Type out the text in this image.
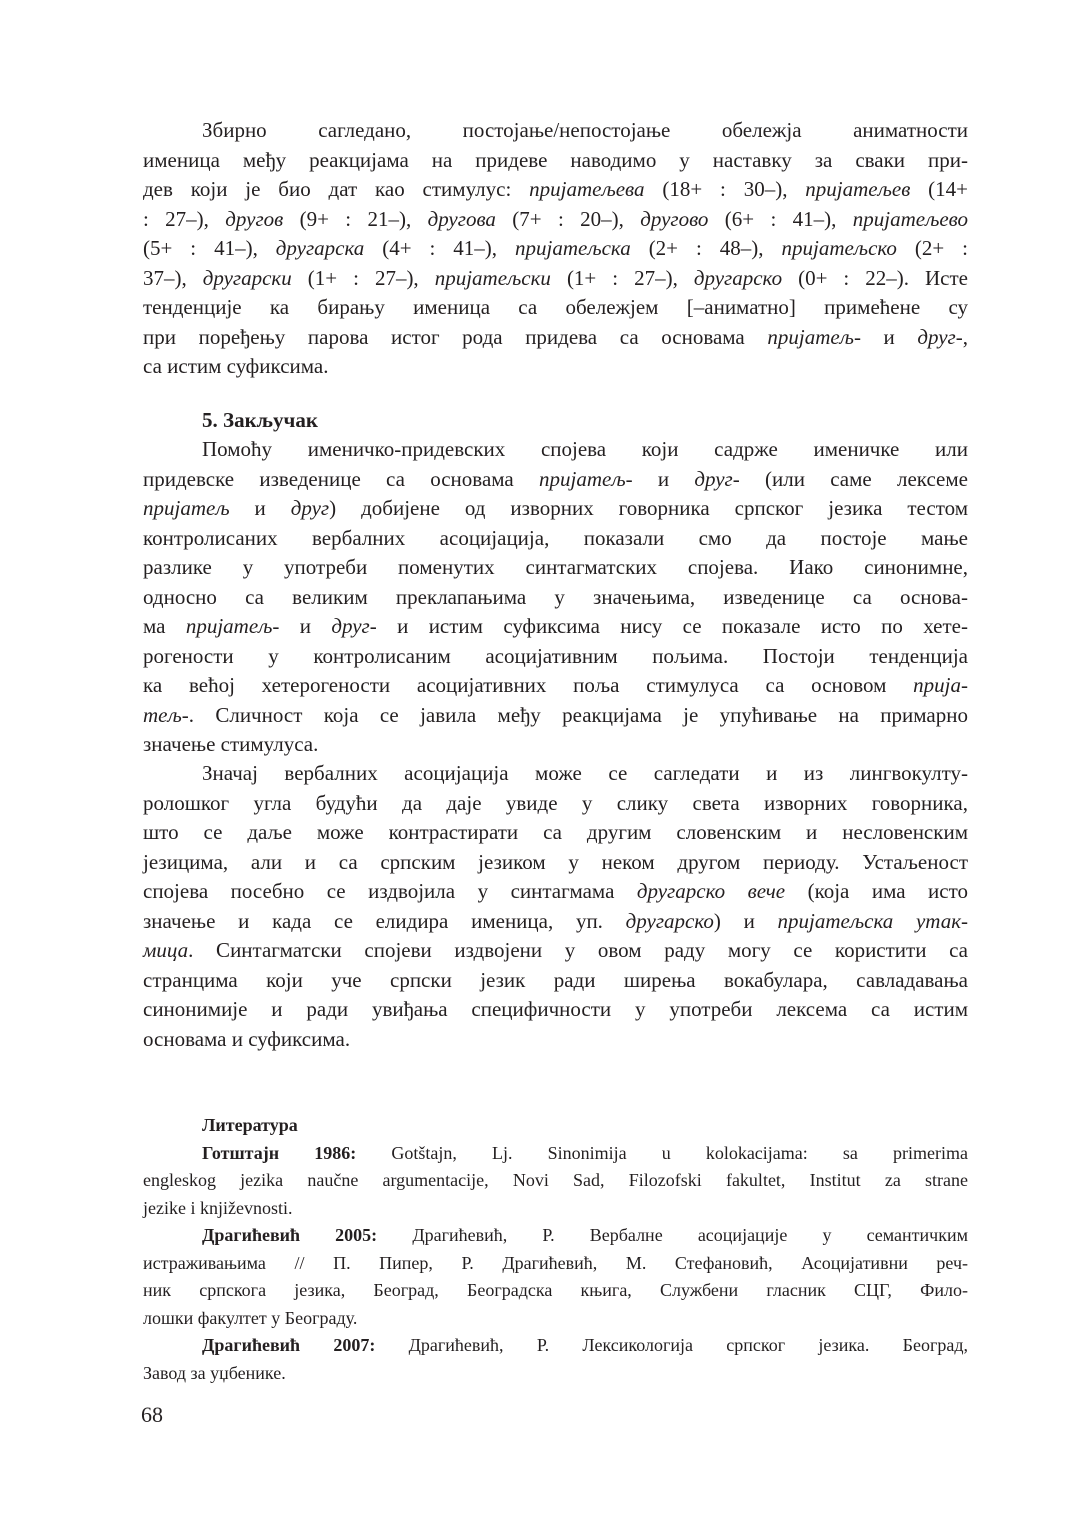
Збирно сагледано, постојање/непостојање обележја аниматности
именица међу реакцијама на придеве наводимо у наставку за сваки при-
дев који је био дат као стимулус: пријатељева (18+ : 30–), пријатељев (14+
: 27–), другов (9+ : 21–), другова (7+ : 20–), другово (6+ : 41–), пријатељево
(5+ : 41–), другарска (4+ : 41–), пријатељска (2+ : 48–), пријатељско (2+ :
37–), другарски (1+ : 27–), пријатељски (1+ : 27–), другарско (0+ : 22–). Исте
тенденције ка бирању именица са обележјем [–аниматно] примећене су
при поређењу парова истог рода придева са основама пријатељ- и друг-,
са истим суфиксима.
5. Закључак
Помоћу именичко-придевских спојева који садрже именичке или
придевске изведенице са основама пријатељ- и друг- (или саме лексеме
пријатељ и друг) добијене од изворних говорника српског језика тестом
контролисаних вербалних асоцијација, показали смо да постоје мање
разлике у употреби поменутих синтагматских спојева. Иако синонимне,
односно са великим преклапањима у значењима, изведенице са основа-
ма пријатељ- и друг- и истим суфиксима нису се показале исто по хете-
рогености у контролисаним асоцијативним пољима. Постоји тенденција
ка већој хетерогености асоцијативних поља стимулуса са основом прија-
тељ-. Сличност која се јавила међу реакцијама је упућивање на примарно
значење стимулуса.
Значај вербалних асоцијација може се сагледати и из лингвокулту-
ролошког угла будући да даје увиде у слику света изворних говорника,
што се даље може контрастирати са другим словенским и несловенским
језицима, али и са српским језиком у неком другом периоду. Устаљеност
спојева посебно се издвојила у синтагмама другарско вече (која има исто
значење и када се елидира именица, уп. другарско) и пријатељска утак-
мица. Синтагматски спојеви издвојени у овом раду могу се користити са
странцима који уче српски језик ради ширења вокабулара, савладавања
синонимије и ради увиђања специфичности у употреби лексема са истим
основама и суфиксима.
Литература
Готштајн 1986: Gotštajn, Lj. Sinonimija u kolokacijama: sa primerima
engleskog jezika naučne argumentacije, Novi Sad, Filozofski fakultet, Institut za strane
jezike i književnosti.
Драгићевић 2005: Драгићевић, Р. Вербалне асоцијације у семантичким
истраживањима // П. Пипер, Р. Драгићевић, М. Стефановић, Асоцијативни реч-
ник српскога језика, Београд, Београдска књига, Службени гласник СЦГ, Фило-
лошки факултет у Београду.
Драгићевић 2007: Драгићевић, Р. Лексикологија српског језика. Београд,
Завод за уџбенике.
68
